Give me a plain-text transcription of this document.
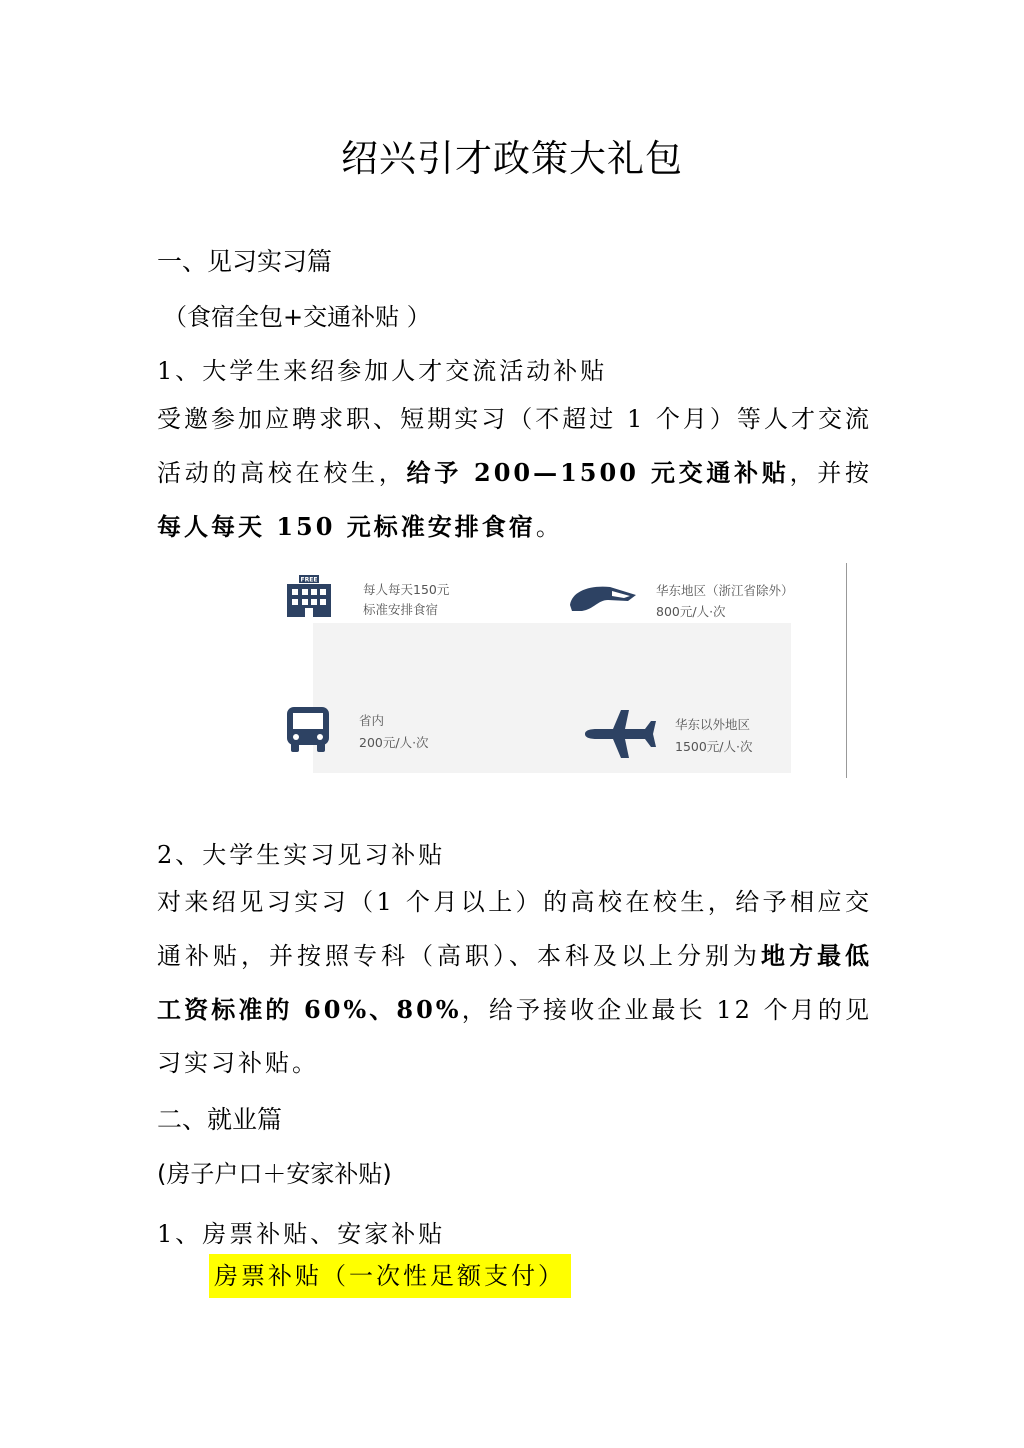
绍兴引才政策大礼包
一、见习实习篇
（食宿全包+交通补贴 ）
1、大学生来绍参加人才交流活动补贴
受邀参加应聘求职、短期实习（不超过 1 个月）等人才交流活动的高校在校生，给予 200—1500 元交通补贴，并按每人每天 150 元标准安排食宿。
FREE
每人每天150元
标准安排食宿
华东地区（浙江省除外）
800元/人·次
省内
200元/人·次
华东以外地区
1500元/人·次
2、大学生实习见习补贴
对来绍见习实习（1 个月以上）的高校在校生，给予相应交通补贴，并按照专科（高职）、本科及以上分别为地方最低工资标准的 60%、80%，给予接收企业最长 12 个月的见习实习补贴。
二、就业篇
(房子户口＋安家补贴)
1、房票补贴、安家补贴
房票补贴（一次性足额支付）
